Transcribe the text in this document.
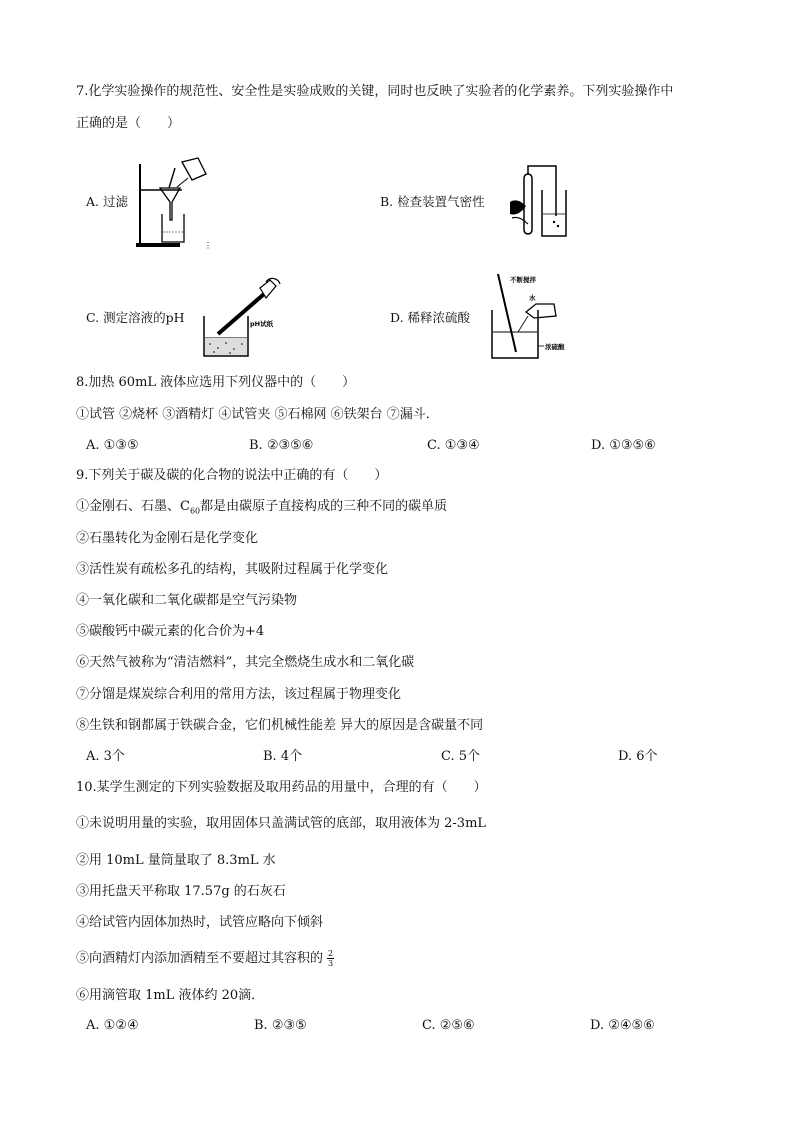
7.化学实验操作的规范性、安全性是实验成败的关键，同时也反映了实验者的化学素养。下列实验操作中
正确的是（　　）
A. 过滤
⋮
B. 检查装置气密性
C. 测定溶液的pH	pH试纸	D. 稀释浓硫酸
不断搅拌
水
浓硫酸
8.加热 60mL 液体应选用下列仪器中的（　　）
①试管 ②烧杯 ③酒精灯 ④试管夹 ⑤石棉网 ⑥铁架台 ⑦漏斗．
A. ①③⑤	B. ②③⑤⑥	C. ①③④	D. ①③⑤⑥
9.下列关于碳及碳的化合物的说法中正确的有（　　）
①金刚石、石墨、$C_{60}$都是由碳原子直接构成的三种不同的碳单质
②石墨转化为金刚石是化学变化
③活性炭有疏松多孔的结构，其吸附过程属于化学变化
④一氧化碳和二氧化碳都是空气污染物
⑤碳酸钙中碳元素的化合价为+4
⑥天然气被称为“清洁燃料”，其完全燃烧生成水和二氧化碳
⑦分馏是煤炭综合利用的常用方法，该过程属于物理变化
⑧生铁和钢都属于铁碳合金，它们机械性能差 异大的原因是含碳量不同
A. 3个	B. 4个	C. 5个	D. 6个
10.某学生测定的下列实验数据及取用药品的用量中，合理的有（　　）
①未说明用量的实验，取用固体只盖满试管的底部，取用液体为 2-3mL
②用 10mL 量筒量取了 8.3mL 水
③用托盘天平称取 17.57g 的石灰石
④给试管内固体加热时，试管应略向下倾斜
⑤向酒精灯内添加酒精至不要超过其容积的 $\frac{2}{3}$
⑥用滴管取 1mL 液体约 20滴．
A. ①②④	B. ②③⑤	C. ②⑤⑥	D. ②④⑤⑥
